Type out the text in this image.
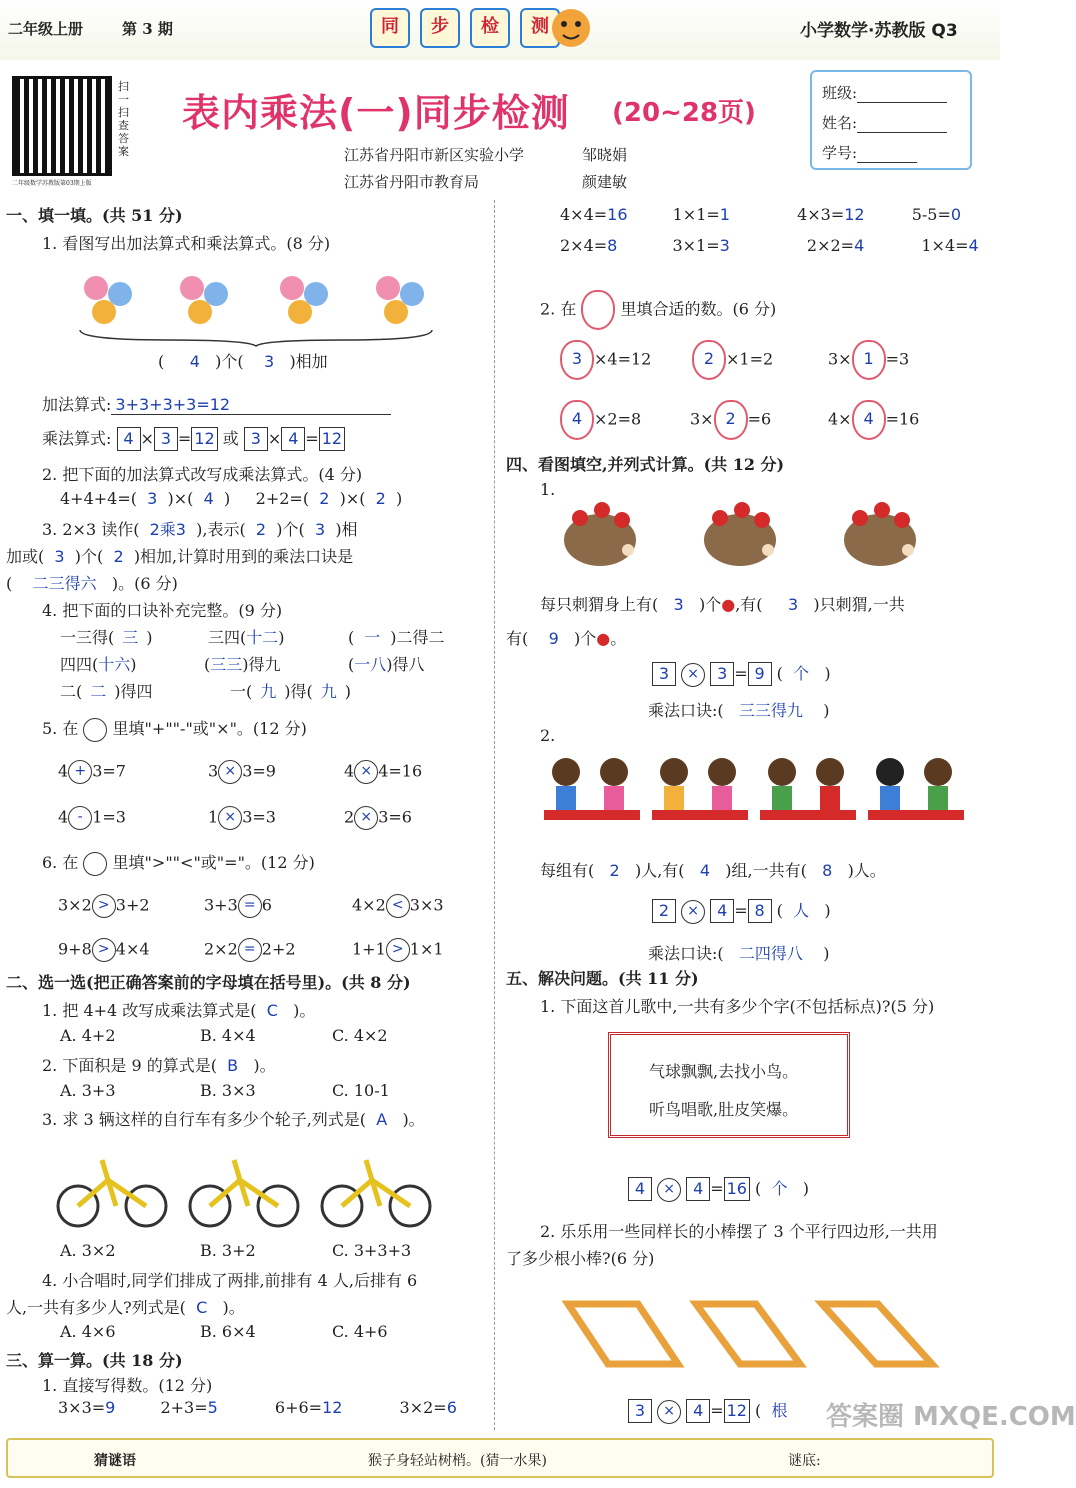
二年级上册	第 3 期	同 步 检 测	小学数学·苏教版 Q3
扫一扫 查答案
二年级数学苏教版第03期上版
表内乘法(一)同步检测 (20~28页)
江苏省丹阳市新区实验小学	邹晓娟
江苏省丹阳市教育局	颜建敏
班级:
姓名:
学号:
一、填一填。(共 51 分)
1. 看图写出加法算式和乘法算式。(8 分)
( 4 )个( 3 )相加
加法算式: 3+3+3+3=12
乘法算式: 4 × 3 = 12 或 3 × 4 = 12
2. 把下面的加法算式改写成乘法算式。(4 分)
4+4+4=( 3 )×( 4 ) 2+2=( 2 )×( 2 )
3. 2×3 读作( 2乘3 ),表示( 2 )个( 3 )相
加或( 3 )个( 2 )相加,计算时用到的乘法口诀是
( 二三得六 )。(6 分)
4. 把下面的口诀补充完整。(9 分)
一三得( 三 )	三四(十二)	( 一 )二得二
四四(十六)	(三三)得九	(一八)得八
二( 二 )得四	一( 九 )得( 九 )
5. 在 里填"+""-"或"×"。(12 分)
4 + 3=7	3 × 3=9	4 × 4=16
4 - 1=3	1 × 3=3	2 × 3=6
6. 在 里填">""<"或"="。(12 分)
3×2 > 3+2	3+3 = 6	4×2 < 3×3
9+8 > 4×4	2×2 = 2+2	1+1 > 1×1
二、选一选(把正确答案前的字母填在括号里)。(共 8 分)
1. 把 4+4 改写成乘法算式是( C )。
A. 4+2	B. 4×4	C. 4×2
2. 下面积是 9 的算式是( B )。
A. 3+3	B. 3×3	C. 10-1
3. 求 3 辆这样的自行车有多少个轮子,列式是( A )。
A. 3×2	B. 3+2	C. 3+3+3
4. 小合唱时,同学们排成了两排,前排有 4 人,后排有 6
人,一共有多少人?列式是( C )。
A. 4×6	B. 6×4	C. 4+6
三、算一算。(共 18 分)
1. 直接写得数。(12 分)
3×3=9	2+3=5	6+6=12	3×2=6
4×4=16	1×1=1	4×3=12	5-5=0
2×4=8	3×1=3	2×2=4	1×4=4
2. 在	里填合适的数。(6 分)
3 ×4=12	2 ×1=2	3× 1 =3
4 ×2=8	3× 2 =6	4× 4 =16
四、看图填空,并列式计算。(共 12 分)
1.
每只刺猬身上有( 3 )个●,有( 3 )只刺猬,一共
有( 9 )个●。
3 × 3 = 9 (  个   )
乘法口诀:( 三三得九 )
2.
每组有( 2 )人,有( 4 )组,一共有( 8 )人。
2 × 4 = 8 (  人   )
乘法口诀:( 二四得八 )
五、解决问题。(共 11 分)
1. 下面这首儿歌中,一共有多少个字(不包括标点)?(5 分)
气球飘飘,去找小鸟。
听鸟唱歌,肚皮笑爆。
4 × 4 = 16 (  个   )
2. 乐乐用一些同样长的小棒摆了 3 个平行四边形,一共用
了多少根小棒?(6 分)
3 × 4 = 12 (  根
猜谜语	猴子身轻站树梢。(猜一水果)	谜底:
答案圈 MXQE.COM
